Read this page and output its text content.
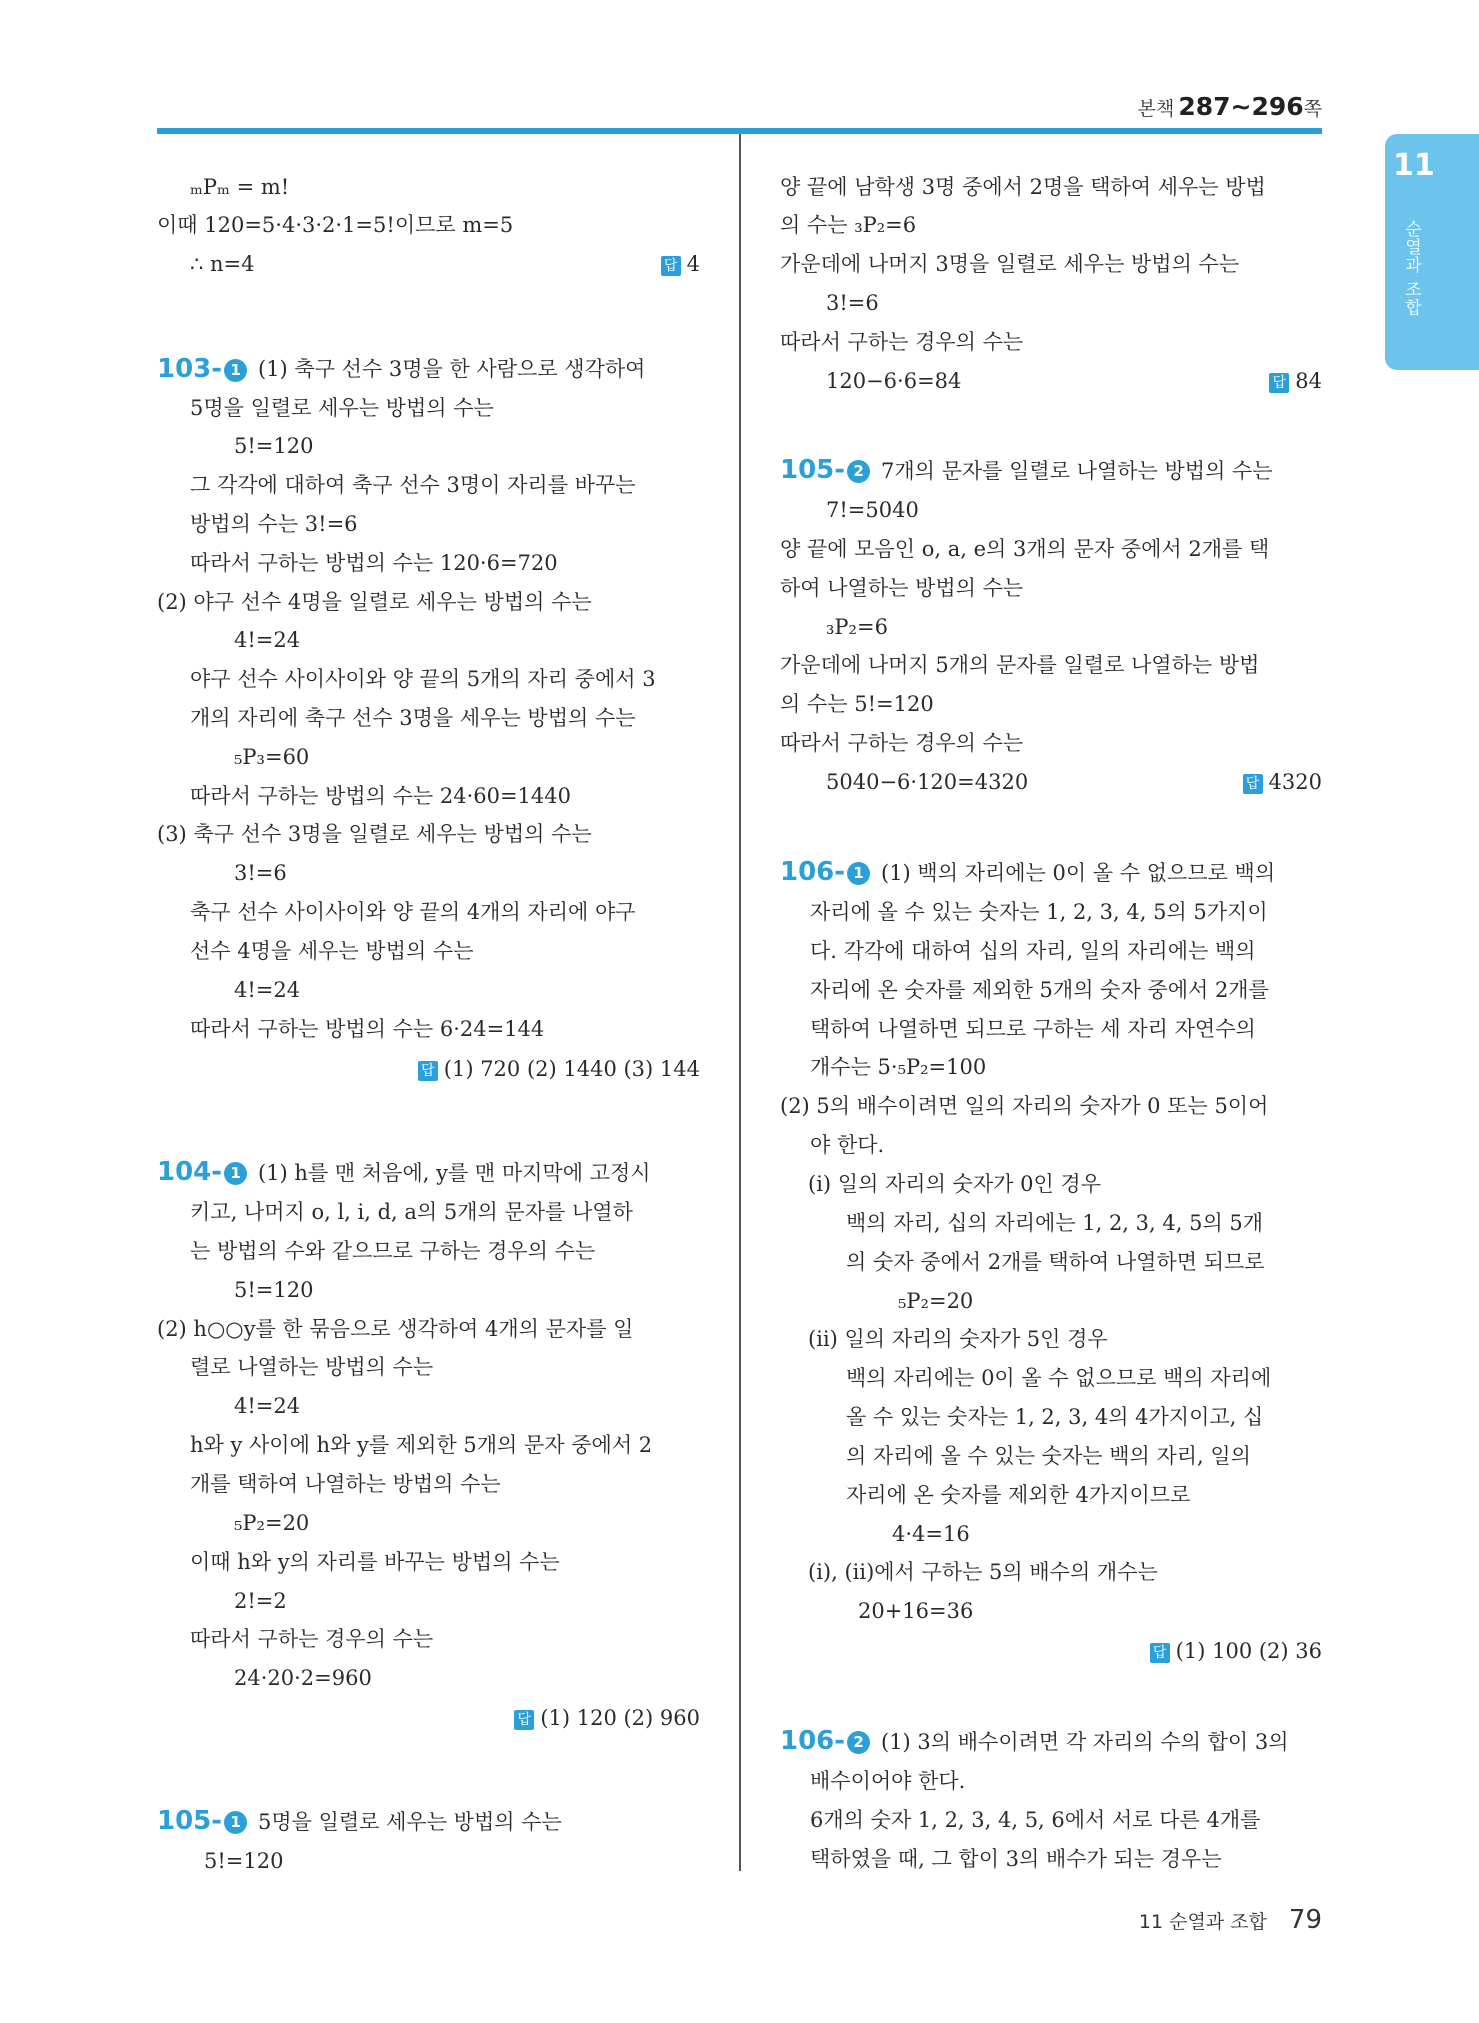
본책 287~296쪽
11
순열과 조합
ₘPₘ = m!
이때 120=5·4·3·2·1=5!이므로 m=5
∴ n=4	답 4
103- 1 (1) 축구 선수 3명을 한 사람으로 생각하여
5명을 일렬로 세우는 방법의 수는
5!=120
그 각각에 대하여 축구 선수 3명이 자리를 바꾸는
방법의 수는 3!=6
따라서 구하는 방법의 수는 120·6=720
(2) 야구 선수 4명을 일렬로 세우는 방법의 수는
4!=24
야구 선수 사이사이와 양 끝의 5개의 자리 중에서 3
개의 자리에 축구 선수 3명을 세우는 방법의 수는
₅P₃=60
따라서 구하는 방법의 수는 24·60=1440
(3) 축구 선수 3명을 일렬로 세우는 방법의 수는
3!=6
축구 선수 사이사이와 양 끝의 4개의 자리에 야구
선수 4명을 세우는 방법의 수는
4!=24
따라서 구하는 방법의 수는 6·24=144
답 (1) 720 (2) 1440 (3) 144
104- 1 (1) h를 맨 처음에, y를 맨 마지막에 고정시
키고, 나머지 o, l, i, d, a의 5개의 문자를 나열하
는 방법의 수와 같으므로 구하는 경우의 수는
5!=120
(2) h○○y를 한 묶음으로 생각하여 4개의 문자를 일
렬로 나열하는 방법의 수는
4!=24
h와 y 사이에 h와 y를 제외한 5개의 문자 중에서 2
개를 택하여 나열하는 방법의 수는
₅P₂=20
이때 h와 y의 자리를 바꾸는 방법의 수는
2!=2
따라서 구하는 경우의 수는
24·20·2=960
답 (1) 120 (2) 960
105- 1 5명을 일렬로 세우는 방법의 수는
5!=120
양 끝에 남학생 3명 중에서 2명을 택하여 세우는 방법
의 수는 ₃P₂=6
가운데에 나머지 3명을 일렬로 세우는 방법의 수는
3!=6
따라서 구하는 경우의 수는
120−6·6=84	답 84
105- 2 7개의 문자를 일렬로 나열하는 방법의 수는
7!=5040
양 끝에 모음인 o, a, e의 3개의 문자 중에서 2개를 택
하여 나열하는 방법의 수는
₃P₂=6
가운데에 나머지 5개의 문자를 일렬로 나열하는 방법
의 수는 5!=120
따라서 구하는 경우의 수는
5040−6·120=4320	답 4320
106- 1 (1) 백의 자리에는 0이 올 수 없으므로 백의
자리에 올 수 있는 숫자는 1, 2, 3, 4, 5의 5가지이
다. 각각에 대하여 십의 자리, 일의 자리에는 백의
자리에 온 숫자를 제외한 5개의 숫자 중에서 2개를
택하여 나열하면 되므로 구하는 세 자리 자연수의
개수는 5·₅P₂=100
(2) 5의 배수이려면 일의 자리의 숫자가 0 또는 5이어
야 한다.
(ⅰ) 일의 자리의 숫자가 0인 경우
백의 자리, 십의 자리에는 1, 2, 3, 4, 5의 5개
의 숫자 중에서 2개를 택하여 나열하면 되므로
₅P₂=20
(ⅱ) 일의 자리의 숫자가 5인 경우
백의 자리에는 0이 올 수 없으므로 백의 자리에
올 수 있는 숫자는 1, 2, 3, 4의 4가지이고, 십
의 자리에 올 수 있는 숫자는 백의 자리, 일의
자리에 온 숫자를 제외한 4가지이므로
4·4=16
(ⅰ), (ⅱ)에서 구하는 5의 배수의 개수는
20+16=36
답 (1) 100 (2) 36
106- 2 (1) 3의 배수이려면 각 자리의 수의 합이 3의
배수이어야 한다.
6개의 숫자 1, 2, 3, 4, 5, 6에서 서로 다른 4개를
택하였을 때, 그 합이 3의 배수가 되는 경우는
11 순열과 조합 79
